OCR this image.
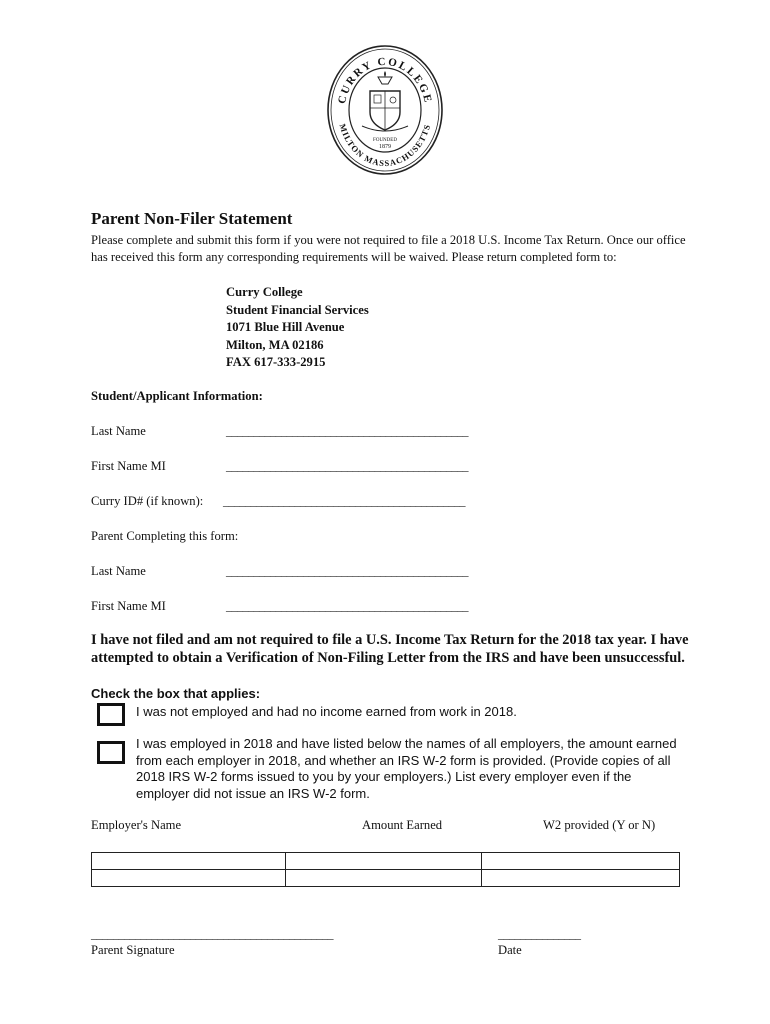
CURRY COLLEGE
MILTON MASSACHUSETTS
FOUNDED
1879
Parent Non-Filer Statement
Please complete and submit this form if you were not required to file a 2018 U.S. Income Tax Return. Once our office has received this form any corresponding requirements will be waived. Please return completed form to:
Curry College
Student Financial Services
1071 Blue Hill Avenue
Milton, MA 02186
FAX 617-333-2915
Student/Applicant Information:
Last Name	____________________________________________
First Name MI	____________________________________________
Curry ID# (if known): ____________________________________________
Parent Completing this form:
Last Name	____________________________________________
First Name MI	____________________________________________
I have not filed and am not required to file a U.S. Income Tax Return for the 2018 tax year. I have attempted to obtain a Verification of Non-Filing Letter from the IRS and have been unsuccessful.
Check the box that applies:
I was not employed and had no income earned from work in 2018.
I was employed in 2018 and have listed below the names of all employers, the amount earned from each employer in 2018, and whether an IRS W-2 form is provided. (Provide copies of all 2018 IRS W-2 forms issued to you by your employers.) List every employer even if the employer did not issue an IRS W-2 form.
Employer's Name	Amount Earned	W2 provided (Y or N)

____________________________________________
Parent Signature
_______________
Date
